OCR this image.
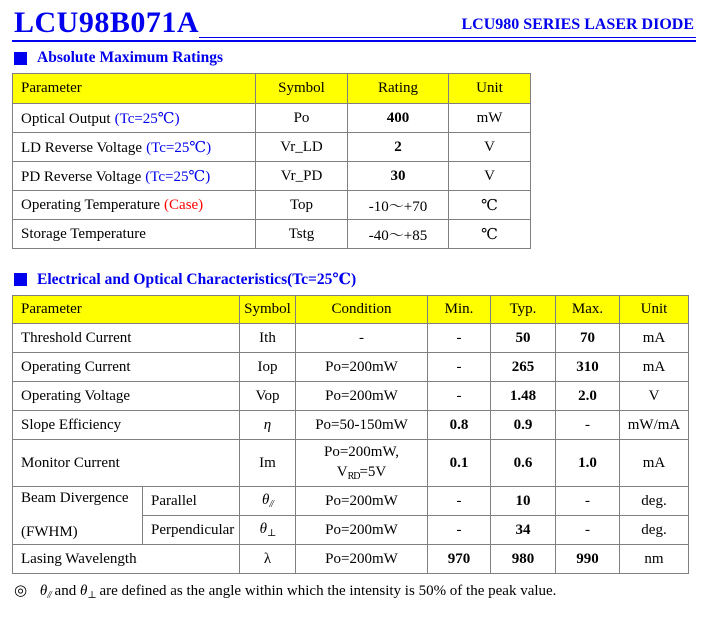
LCU98B071A	LCU980 SERIES LASER DIODE
Absolute Maximum Ratings
Parameter	Symbol	Rating	Unit
Optical Output (Tc=25℃)	Po	400	mW
LD Reverse Voltage (Tc=25℃)	Vr_LD	2	V
PD Reverse Voltage (Tc=25℃)	Vr_PD	30	V
Operating Temperature (Case)	Top	-10～+70	℃
Storage Temperature	Tstg	-40～+85	℃
Electrical and Optical Characteristics(Tc=25℃)
Parameter		Symbol	Condition	Min.	Typ.	Max.	Unit
Threshold Current		Ith	-	-	50	70	mA
Operating Current		Iop	Po=200mW	-	265	310	mA
Operating Voltage		Vop	Po=200mW	-	1.48	2.0	V
Slope Efficiency		η	Po=50-150mW	0.8	0.9	-	mW/mA
Monitor Current		Im	Po=200mW,
$V_{RD}=5V$	0.1	0.6	1.0	mA
Beam Divergence

(FWHM)	Parallel	$\theta_{//}$	Po=200mW	-	10	-	deg.
	Perpendicular	$\theta_\perp$	Po=200mW	-	34	-	deg.
Lasing Wavelength		λ	Po=200mW	970	980	990	nm
◎ $\theta_{//}$ and $\theta_\perp$ are defined as the angle within which the intensity is 50% of the peak value.
